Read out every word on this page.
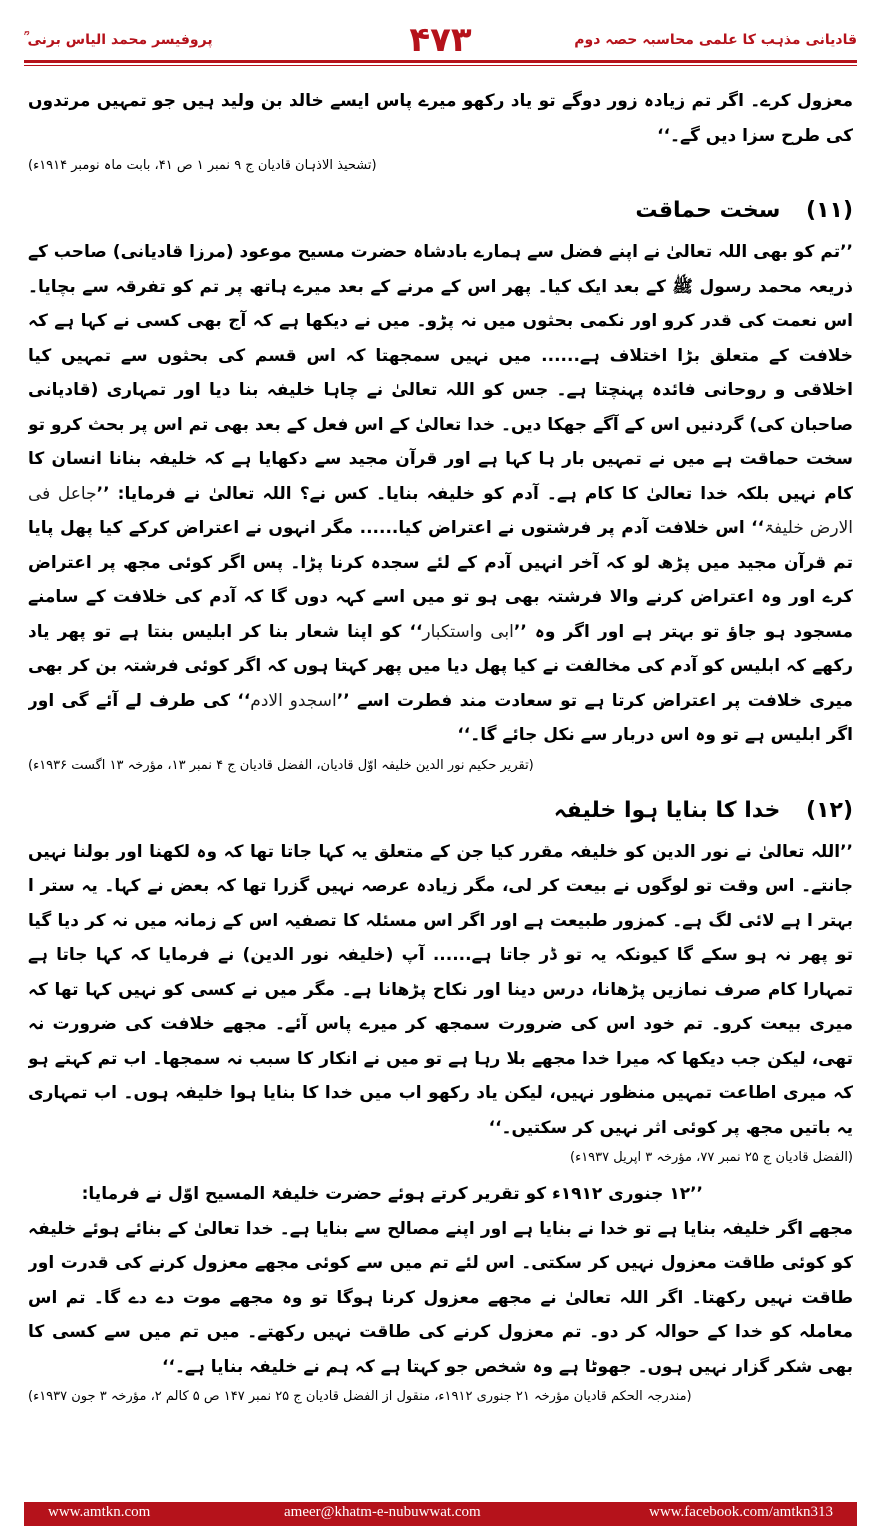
قادیانی مذہب کا علمی محاسبہ حصہ دوم
۴۷۳
پروفیسر محمد الیاس برنی ؒ

معزول کرے۔ اگر تم زیادہ زور دوگے تو یاد رکھو میرے پاس ایسے خالد بن ولید ہیں جو تمہیں مرتدوں کی طرح سزا دیں گے۔‘‘

(تشحیذ الاذہان قادیان ج ۹ نمبر ۱ ص ۴۱، بابت ماہ نومبر ۱۹۱۴ء)
(۱۱) سخت حماقت

’’تم کو بھی اللہ تعالیٰ نے اپنے فضل سے ہمارے بادشاہ حضرت مسیح موعود (مرزا قادیانی) صاحب کے ذریعہ محمد رسول ﷺ کے بعد ایک کیا۔ پھر اس کے مرنے کے بعد میرے ہاتھ پر تم کو تفرقہ سے بچایا۔ اس نعمت کی قدر کرو اور نکمی بحثوں میں نہ پڑو۔ میں نے دیکھا ہے کہ آج بھی کسی نے کہا ہے کہ خلافت کے متعلق بڑا اختلاف ہے...... میں نہیں سمجھتا کہ اس قسم کی بحثوں سے تمہیں کیا اخلاقی و روحانی فائدہ پہنچتا ہے۔ جس کو اللہ تعالیٰ نے چاہا خلیفہ بنا دیا اور تمہاری (قادیانی صاحبان کی) گردنیں اس کے آگے جھکا دیں۔ خدا تعالیٰ کے اس فعل کے بعد بھی تم اس پر بحث کرو تو سخت حماقت ہے میں نے تمہیں بار ہا کہا ہے اور قرآن مجید سے دکھایا ہے کہ خلیفہ بنانا انسان کا کام نہیں بلکہ خدا تعالیٰ کا کام ہے۔ آدم کو خلیفہ بنایا۔ کس نے؟ اللہ تعالیٰ نے فرمایا: ’’جاعل فی الارض خلیفۃ‘‘ اس خلافت آدم پر فرشتوں نے اعتراض کیا...... مگر انہوں نے اعتراض کرکے کیا پھل پایا تم قرآن مجید میں پڑھ لو کہ آخر انہیں آدم کے لئے سجدہ کرنا پڑا۔ پس اگر کوئی مجھ پر اعتراض کرے اور وہ اعتراض کرنے والا فرشتہ بھی ہو تو میں اسے کہہ دوں گا کہ آدم کی خلافت کے سامنے مسجود ہو جاؤ تو بہتر ہے اور اگر وہ ’’ابی واستکبار‘‘ کو اپنا شعار بنا کر ابلیس بنتا ہے تو پھر یاد رکھے کہ ابلیس کو آدم کی مخالفت نے کیا پھل دیا میں پھر کہتا ہوں کہ اگر کوئی فرشتہ بن کر بھی میری خلافت پر اعتراض کرتا ہے تو سعادت مند فطرت اسے ’’اسجدو الادم‘‘ کی طرف لے آئے گی اور اگر ابلیس ہے تو وہ اس دربار سے نکل جائے گا۔‘‘

(تقریر حکیم نور الدین خلیفہ اوّل قادیان، الفضل قادیان ج ۴ نمبر ۱۳، مؤرخہ ۱۳ اگست ۱۹۳۶ء)
(۱۲) خدا کا بنایا ہوا خلیفہ

’’اللہ تعالیٰ نے نور الدین کو خلیفہ مقرر کیا جن کے متعلق یہ کہا جاتا تھا کہ وہ لکھنا اور بولنا نہیں جانتے۔ اس وقت تو لوگوں نے بیعت کر لی، مگر زیادہ عرصہ نہیں گزرا تھا کہ بعض نے کہا۔ یہ ستر ا بہتر ا ہے لائی لگ ہے۔ کمزور طبیعت ہے اور اگر اس مسئلہ کا تصفیہ اس کے زمانہ میں نہ کر دیا گیا تو پھر نہ ہو سکے گا کیونکہ یہ تو ڈر جاتا ہے...... آپ (خلیفہ نور الدین) نے فرمایا کہ کہا جاتا ہے تمہارا کام صرف نمازیں پڑھانا، درس دینا اور نکاح پڑھانا ہے۔ مگر میں نے کسی کو نہیں کہا تھا کہ میری بیعت کرو۔ تم خود اس کی ضرورت سمجھ کر میرے پاس آئے۔ مجھے خلافت کی ضرورت نہ تھی، لیکن جب دیکھا کہ میرا خدا مجھے بلا رہا ہے تو میں نے انکار کا سبب نہ سمجھا۔ اب تم کہتے ہو کہ میری اطاعت تمہیں منظور نہیں، لیکن یاد رکھو اب میں خدا کا بنایا ہوا خلیفہ ہوں۔ اب تمہاری یہ باتیں مجھ پر کوئی اثر نہیں کر سکتیں۔‘‘

(الفضل قادیان ج ۲۵ نمبر ۷۷، مؤرخہ ۳ اپریل ۱۹۳۷ء)

’’۱۲ جنوری ۱۹۱۲ء کو تقریر کرتے ہوئے حضرت خلیفۃ المسیح اوّل نے فرمایا:

مجھے اگر خلیفہ بنایا ہے تو خدا نے بنایا ہے اور اپنے مصالح سے بنایا ہے۔ خدا تعالیٰ کے بنائے ہوئے خلیفہ کو کوئی طاقت معزول نہیں کر سکتی۔ اس لئے تم میں سے کوئی مجھے معزول کرنے کی قدرت اور طاقت نہیں رکھتا۔ اگر اللہ تعالیٰ نے مجھے معزول کرنا ہوگا تو وہ مجھے موت دے دے گا۔ تم اس معاملہ کو خدا کے حوالہ کر دو۔ تم معزول کرنے کی طاقت نہیں رکھتے۔ میں تم میں سے کسی کا بھی شکر گزار نہیں ہوں۔ جھوٹا ہے وہ شخص جو کہتا ہے کہ ہم نے خلیفہ بنایا ہے۔‘‘

(مندرجہ الحکم قادیان مؤرخہ ۲۱ جنوری ۱۹۱۲ء، منقول از الفضل قادیان ج ۲۵ نمبر ۱۴۷ ص ۵ کالم ۲، مؤرخہ ۳ جون ۱۹۳۷ء)
www.amtkn.com	ameer@khatm-e-nubuwwat.com	www.facebook.com/amtkn313
